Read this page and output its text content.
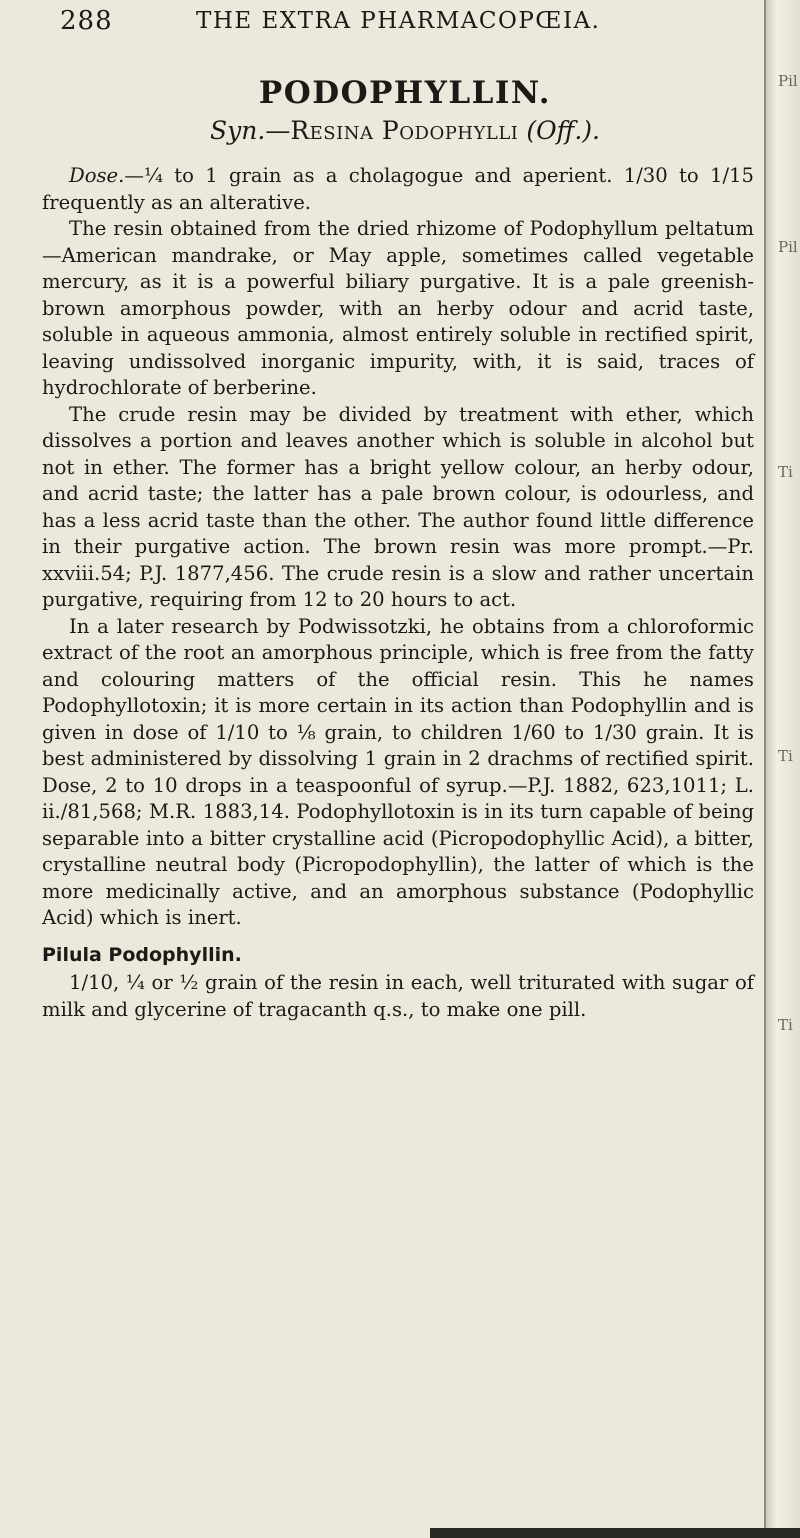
288	THE EXTRA PHARMACOPŒIA.
PODOPHYLLIN.
Syn.—Resina Podophylli (Off.).

Dose.—¼ to 1 grain as a cholagogue and aperient. 1/30 to 1/15 frequently as an alterative.

The resin obtained from the dried rhizome of Podophyllum peltatum—American mandrake, or May apple, sometimes called vegetable mercury, as it is a powerful biliary purgative. It is a pale greenish-brown amorphous powder, with an herby odour and acrid taste, soluble in aqueous ammonia, almost entirely soluble in rectified spirit, leaving undissolved inorganic impurity, with, it is said, traces of hydrochlorate of berberine.

The crude resin may be divided by treatment with ether, which dissolves a portion and leaves another which is soluble in alcohol but not in ether. The former has a bright yellow colour, an herby odour, and acrid taste; the latter has a pale brown colour, is odourless, and has a less acrid taste than the other. The author found little difference in their purgative action. The brown resin was more prompt.—Pr. xxviii.54; P.J. 1877,456. The crude resin is a slow and rather uncertain purgative, requiring from 12 to 20 hours to act.

In a later research by Podwissotzki, he obtains from a chloroformic extract of the root an amorphous principle, which is free from the fatty and colouring matters of the official resin. This he names Podophyllotoxin; it is more certain in its action than Podophyllin and is given in dose of 1/10 to ⅛ grain, to children 1/60 to 1/30 grain. It is best administered by dissolving 1 grain in 2 drachms of rectified spirit. Dose, 2 to 10 drops in a teaspoonful of syrup.—P.J. 1882, 623,1011; L. ii./81,568; M.R. 1883,14. Podophyllotoxin is in its turn capable of being separable into a bitter crystalline acid (Picropodophyllic Acid), a bitter, crystalline neutral body (Picropodophyllin), the latter of which is the more medicinally active, and an amorphous substance (Podophyllic Acid) which is inert.

Pilula Podophyllin.

1/10, ¼ or ½ grain of the resin in each, well triturated with sugar of milk and glycerine of tragacanth q.s., to make one pill.

Pil
Pil
Ti
Ti
Ti
